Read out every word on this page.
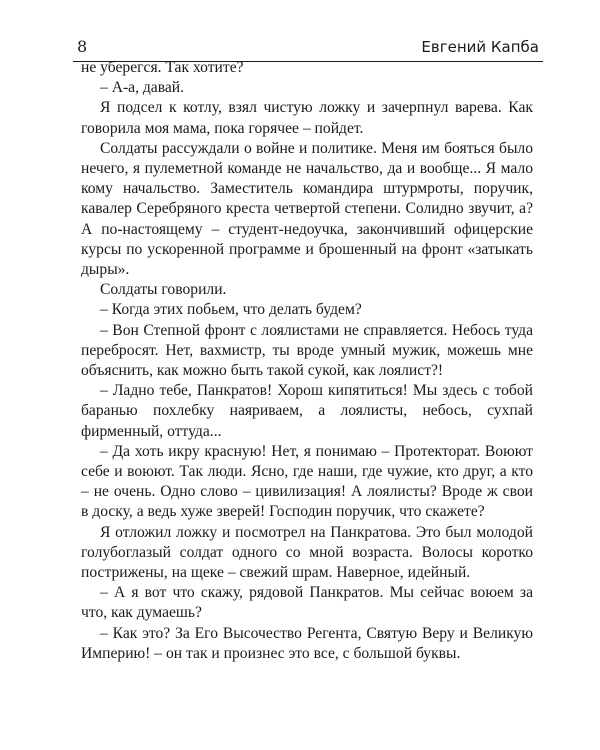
8	Евгений Капба

не уберегся. Так хотите?

– А-а, давай.

Я подсел к котлу, взял чистую ложку и зачерпнул варева. Как говорила моя мама, пока горячее – пойдет.

Солдаты рассуждали о войне и политике. Меня им бояться было нечего, я пулеметной команде не начальство, да и вообще... Я мало кому начальство. Заместитель командира штурмроты, поручик, кавалер Серебряного креста четвертой степени. Солидно звучит, а? А по-настоящему – студент-недоучка, закончивший офицерские курсы по ускоренной программе и брошенный на фронт «затыкать дыры».

Солдаты говорили.

– Когда этих побьем, что делать будем?

– Вон Степной фронт с лоялистами не справляется. Небось туда перебросят. Нет, вахмистр, ты вроде умный мужик, можешь мне объяснить, как можно быть такой сукой, как лоялист?!

– Ладно тебе, Панкратов! Хорош кипятиться! Мы здесь с тобой баранью похлебку наяриваем, а лоялисты, небось, сухпай фирменный, оттуда...

– Да хоть икру красную! Нет, я понимаю – Протекторат. Воюют себе и воюют. Так люди. Ясно, где наши, где чужие, кто друг, а кто – не очень. Одно слово – цивилизация! А лоялисты? Вроде ж свои в доску, а ведь хуже зверей! Господин поручик, что скажете?

Я отложил ложку и посмотрел на Панкратова. Это был молодой голубоглазый солдат одного со мной возраста. Волосы коротко пострижены, на щеке – свежий шрам. Наверное, идейный.

– А я вот что скажу, рядовой Панкратов. Мы сейчас воюем за что, как думаешь?

– Как это? За Его Высочество Регента, Святую Веру и Великую Империю! – он так и произнес это все, с большой буквы.
